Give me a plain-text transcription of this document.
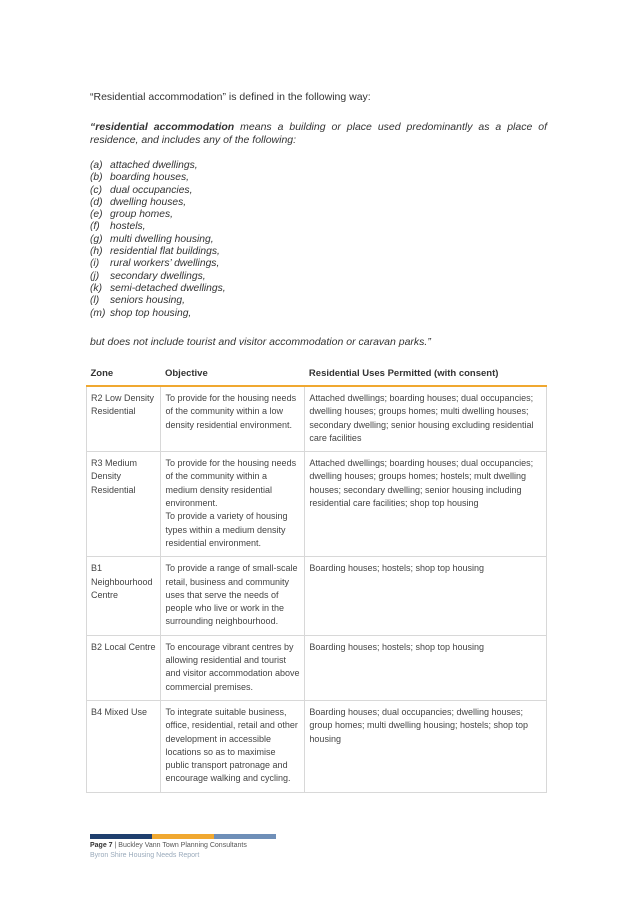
“Residential accommodation” is defined in the following way:
“residential accommodation means a building or place used predominantly as a place of residence, and includes any of the following:
(a) attached dwellings,
(b) boarding houses,
(c) dual occupancies,
(d) dwelling houses,
(e) group homes,
(f) hostels,
(g) multi dwelling housing,
(h) residential flat buildings,
(i)	rural workers’ dwellings,
(j)	secondary dwellings,
(k) semi-detached dwellings,
(l)	seniors housing,
(m) shop top housing,
but does not include tourist and visitor accommodation or caravan parks.”
Zone	Objective	Residential Uses Permitted (with consent)
R2 Low Density Residential	To provide for the housing needs of the community within a low density residential environment.	Attached dwellings; boarding houses; dual occupancies; dwelling houses; groups homes; multi dwelling houses; secondary dwelling; senior housing excluding residential care facilities
R3 Medium Density Residential	To provide for the housing needs of the community within a medium density residential environment.
To provide a variety of housing types within a medium density residential environment.	Attached dwellings; boarding houses; dual occupancies; dwelling houses; groups homes; hostels; mult dwelling houses; secondary dwelling; senior housing including residential care facilities; shop top housing
B1 Neighbourhood Centre	To provide a range of small-scale retail, business and community uses that serve the needs of people who live or work in the surrounding neighbourhood.	Boarding houses; hostels; shop top housing
B2 Local Centre	To encourage vibrant centres by allowing residential and tourist and visitor accommodation above commercial premises.	Boarding houses; hostels; shop top housing
B4 Mixed Use	To integrate suitable business, office, residential, retail and other development in accessible locations so as to maximise public transport patronage and encourage walking and cycling.	Boarding houses; dual occupancies; dwelling houses; group homes; multi dwelling housing; hostels; shop top housing
Page 7 | Buckley Vann Town Planning Consultants
Byron Shire Housing Needs Report
